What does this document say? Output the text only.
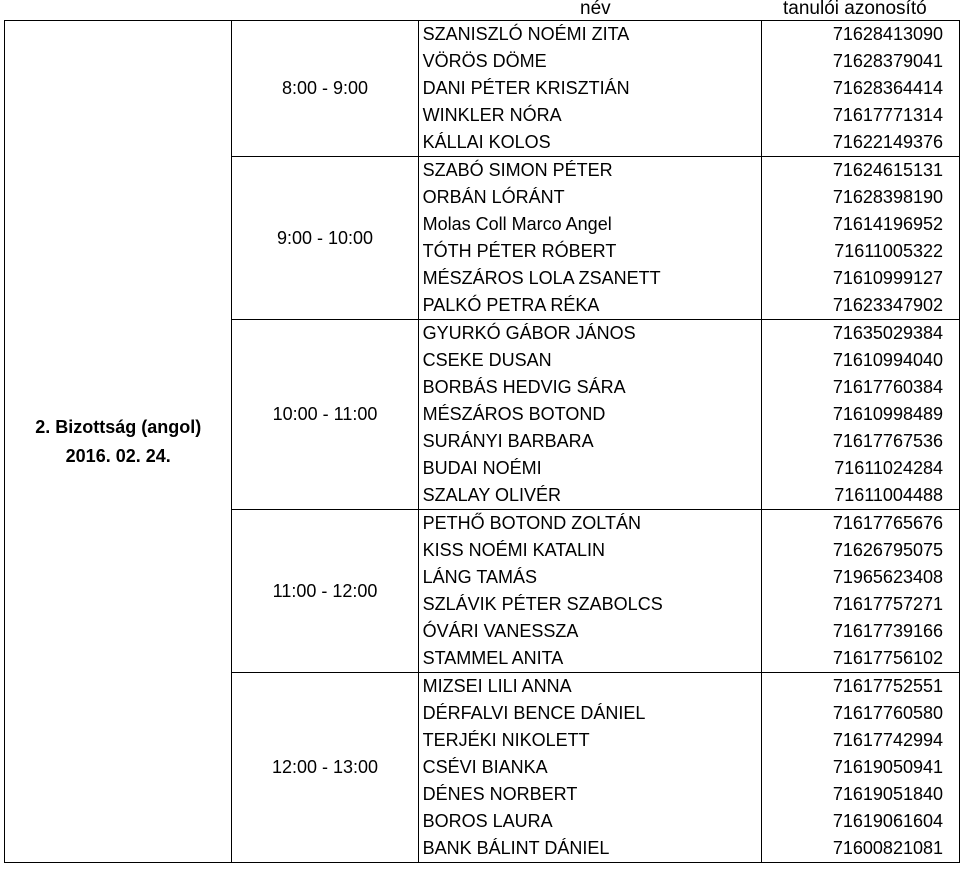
név	tanulói azonosító
2. Bizottság (angol)
2016. 02. 24.	8:00 - 9:00	SZANISZLÓ NOÉMI ZITA	71628413090
		VÖRÖS DÖME	71628379041
		DANI PÉTER KRISZTIÁN	71628364414
		WINKLER NÓRA	71617771314
		KÁLLAI KOLOS	71622149376
	9:00 - 10:00	SZABÓ SIMON PÉTER	71624615131
		ORBÁN LÓRÁNT	71628398190
		Molas Coll Marco Angel	71614196952
		TÓTH PÉTER RÓBERT	71611005322
		MÉSZÁROS LOLA ZSANETT	71610999127
		PALKÓ PETRA RÉKA	71623347902
	10:00 - 11:00	GYURKÓ GÁBOR JÁNOS	71635029384
		CSEKE DUSAN	71610994040
		BORBÁS HEDVIG SÁRA	71617760384
		MÉSZÁROS BOTOND	71610998489
		SURÁNYI BARBARA	71617767536
		BUDAI NOÉMI	71611024284
		SZALAY OLIVÉR	71611004488
	11:00 - 12:00	PETHŐ BOTOND ZOLTÁN	71617765676
		KISS NOÉMI KATALIN	71626795075
		LÁNG TAMÁS	71965623408
		SZLÁVIK PÉTER SZABOLCS	71617757271
		ÓVÁRI VANESSZA	71617739166
		STAMMEL ANITA	71617756102
	12:00 - 13:00	MIZSEI LILI ANNA	71617752551
		DÉRFALVI BENCE DÁNIEL	71617760580
		TERJÉKI NIKOLETT	71617742994
		CSÉVI BIANKA	71619050941
		DÉNES NORBERT	71619051840
		BOROS LAURA	71619061604
		BANK BÁLINT DÁNIEL	71600821081
